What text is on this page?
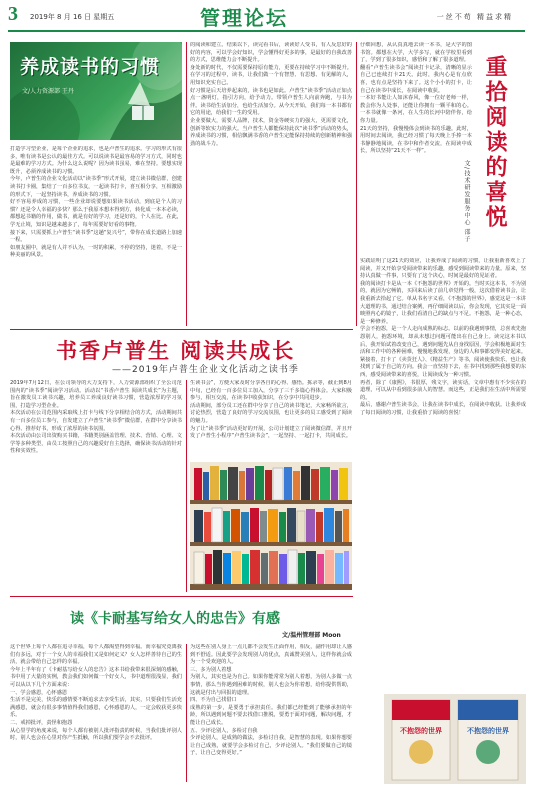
3 2019年 8 月 16 日 星期五	管理论坛	一丝不苟 精益求精
养成读书的习惯
文/人力资源部 王丹
打造学习型企业，是每个企业的追求，也是卢普生的追求。学习的形式有很多，唯有读书是公认的最佳方式。可以说读书是最容易的学习方式，同时也是最难的学习方式。为什么这么说呢？因为读书虽易，难在坚持。要想实现既升，必须养成读书的习惯。
今年，卢普生的企业文化活动以“读书季”形式开展，建立读书微信群，创建读书打卡圈，集结了一百多位书友，一起读书打卡，喜互相分享，互相激励的形式下，一起坚持读书，养成读书的习惯。
好不容易养成的习惯，一些企业却说要想如果读书活动，到底是个人的习惯？还是令人幸福的多快？那么于我原本想本得到方，转化成一本本必读，都想起书籍的作用，做书，就是有好的学习，还是好的，个人在比。在此，学无止境，知识是越来越多了，每年需要好好看的事物。
接下来，只需要抓上卢普生“读书季”这趟“复兴号”，带你在成长道路上加速一程。
如朋友圈中，就是有人并不认为，一时的积累，不停的坚持，迷着，不是一种美丽的风景。
的阅读和建立。结果以下，读完看书后，读读好人受书，有人反思好的好的内容，可以学会好知识，学会懂得好更多的事，是最好的自我改善的方式，思维能力会不断提升。
身处新的时代，不仅需要保持原有能力，更要在持续学习中不断提升。在学习的过程中，读书，让我们做一个有智慧、有思想、有见解的人，用知识充实自己。
好习惯是后天培养起来的，读书也是如此。卢普生“读书季”活动正如点点一盏明灯，指引方向，给予动力。带领卢普生人向前奔跑，与书为伴。读书给生活加分，也给生活加分。从今天开始，我们每一本书都有它的用途，给我们一生的受用。
企业要做大，需要人品牌，技术，资金等硬实力的强大，更需要文化，创新等软实力的强大。当卢普生人都能保持此次“读书季”活动的势头，养成读书的习惯，相信飘满书香的卢普生定能保持持续的创新精神和强劲的战斗力。
仔细回想，从认真真地去读一本书，是大学的图书馆。都想在大学，大学多写，就在学校里看到了，学到了很多知识，感悟和了解了很多道理。
翻看“卢普生读书会”阅读打卡记录，清晰的显示自己已连续打卡21天。此时，我内心是有点欣喜，也有点是坚持下来了。这个小小的打卡，让自己在读书中成长，在阅读中收获。
一本好书能让人如沐春风，像一位好老师一样，教会你为人处事，还能让你拥有一颗平和的心。一本书就像一条河，在人生的长河中陪伴你，给你力量。
21天的坚持，我慢慢体会到读书的乐趣。此时，用时间去阅读，我已经习惯了每天晚上手捧一本书静静地阅读，在书中和作者交流，在阅读中成长，所以坚持“21天不一样”。	重拾阅读的喜悦
文/技术研发服务中心 邵子
实践证明了这21天的效应，让我养成了阅读的习惯，让我重新喜欢上了阅读，并又开始享受阅读带来的乐趣，感受到阅读带来的力量。原来，坚持认真做一件事，只要有了这个决心，时间是最好的见证者。
我的阅读打卡是从一本《不抱怨的世界》开始的。当时买这本书，不为别的，就因为它畅销，买回来后读了前几章觉得一般，这次借着读书会，让我重新去拾起了它。单从书名字义看，《不抱怨的世界》，感觉这是一本讲大道理的书，通过结合案例，再仔细阅读以后，你会发现，它其实是一面映照内心的镜子，让我们看清自己的缺点与不足。不抱怨，是一种心态，是一种修养。
学会不抱怨，是一个人走向成熟的标志。以前的我遇到事情，总喜欢先抱怨别人，抱怨环境，却从未想过问题可能出在自己身上。读完这本书以后，我开始试着改变自己，遇到问题先从自身找原因，学会积极地面对生活和工作中的各种困难，慢慢地我发现，身边的人和事都变得美好起来。
紧接着，打卡了《卖货狂人》、《精益生产》等书，阅读使我快乐，也让我找到了属于自己的方向。我会一直坚持下去，在书中找到那些我想要的东西，感受阅读带来的喜悦，让阅读成为一种习惯。
再者，除了《康熙》，书很厚，残文字，读实话，文章中惠有不少实在的道理，可以从中看到很多前人的智慧。而这些，正是我们在生活中所需要的。
最后，感谢卢普生读书会，让我在读书中成长，在阅读中收获。让我养成了每日阅读的习惯，让我重拾了阅读的喜悦！
书香卢普生 阅读共成长
——2019年卢普生企业文化活动之读书季
2019年7月12日，在公司领导的大力支持下，人力资源部组织了全公司范围内的“读书季”阅读学习活动。活动以“书香卢普生 阅读共成长”为主题，旨在激发员工读书兴趣，培养员工养成良好读书习惯，营造浓厚的学习氛围，打造学习型企业。
本次活动在公司范围内采取线上打卡与线下分享相结合的方式，活动期间共有一百多位员工参与，自发建立了卢普生“读书季”微信群，在群中分享读书心得、推荐好书，形成了浓厚的读书氛围。
本次活动由公司出资购买书籍，书籍类别涵盖管理、技术、营销、心理、文学等多种类型，由员工按照自己的兴趣爱好自主选择，确保读书活动的针对性和实效性。
生读书会”，方便大家及时分享各自的心得、感悟。拣录等，截止到8月中旬，已经有一百多位员工加入，分享了三千多篇心得体会。大家积极参与，相互交流，在读书中收获知识，在分享中共同进步。
活动期间，部分员工还在群中分享了自己的读书笔记，大家畅所欲言，讨论热烈，营造了良好的学习交流氛围，也让更多的员工感受到了阅读的魅力。
为了让“读书季”活动更好的开展，公司计划建立了阅读微信群，并且开发了卢普生小程序“卢普生读书会”，一起坚持、一起打卡，共同成长。
读《卡耐基写给女人的忠告》有感
文/温州管理部 Moon
这个世界上每个人都在追寻幸福，每个人都渴望得到幸福。而幸福究竟离我们有多远，对于一个女人的幸福我们又是如何定义？女人怎样善待自己的生活，就会带给自己怎样的幸福。
今年上半年有了《卡耐基写给女人的忠告》这本书给我带来很深刻的感触，书中用了大量的实例，教会我们如何做一个好女人，书中道理很浅显，我们可以从以下几个方面来说：
一、学会感恩，心怀感恩
生活不是完美，快乐的感情要不断追求去享受生活，其实，只要我们生活充满感恩，就会有很多事情值得我们感恩，心怀感恩的人，一定会收获更多快乐。
二、戒掉批评，责怪和抱怨
从心里学的角度来说，每个人都有被别人批评指责的时候，当我们批评别人时，别人也会在心里对你产生抵触，所以我们要学会不去批评。
为这些在别人身上一点儿都不会发生正面作用，相反，副作用却让人感到不舒适。因此要学会发现别人的优点，真诚赞美别人，这样你就会成为一个受欢迎的人。
三、多为别人着想
为别人，其实也是为自己。如果你能常常为别人着想，为别人多做一点事情，那么当你遇到困难的时候，别人也会为你着想，给你提供帮助，这就是付出与回报的道理。
四、不为自己找借口
成熟的第一步，是要勇于承担责任。我们都已经能到了能够承担的年龄，所以遇到问题不要去找借口推脱，要勇于面对问题，解决问题，才能让自己成长。
五、少评论别人，多检讨自我
少评论别人，是成熟的做法，多检讨自我，是智慧的表现。如果你想要让自己成熟，就要学会多检讨自己，少评论别人。“我们要做自己的镜子，让自己变得更好。”
不抱怨的世界	不抱怨的世界
